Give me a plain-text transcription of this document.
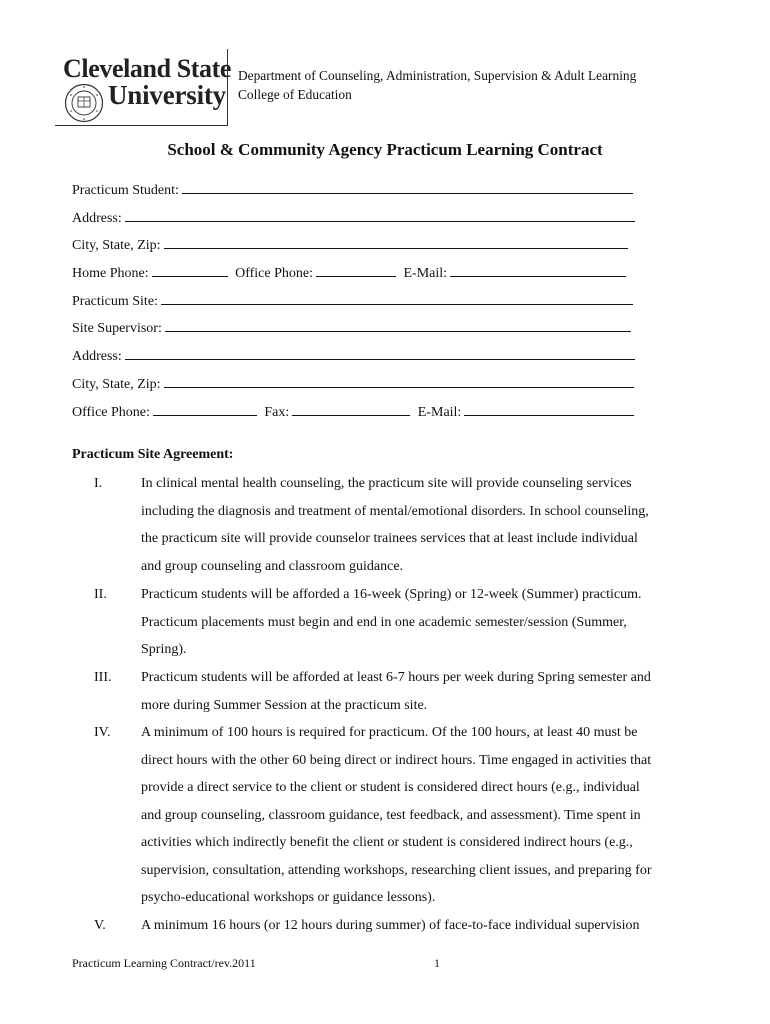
Cleveland State
University
Department of Counseling, Administration, Supervision & Adult Learning
College of Education
School & Community Agency Practicum Learning Contract
Practicum Student:
Address:
City, State, Zip:
Home Phone:	Office Phone:	E-Mail:
Practicum Site:
Site Supervisor:
Address:
City, State, Zip:
Office Phone:	Fax:	E-Mail:
Practicum Site Agreement:
I.	In clinical mental health counseling, the practicum site will provide counseling services
including the diagnosis and treatment of mental/emotional disorders. In school counseling,
the practicum site will provide counselor trainees services that at least include individual
and group counseling and classroom guidance.
II. Practicum students will be afforded a 16-week (Spring) or 12-week (Summer) practicum.
Practicum placements must begin and end in one academic semester/session (Summer,
Spring).
III. Practicum students will be afforded at least 6-7 hours per week during Spring semester and
more during Summer Session at the practicum site.
IV. A minimum of 100 hours is required for practicum. Of the 100 hours, at least 40 must be
direct hours with the other 60 being direct or indirect hours. Time engaged in activities that
provide a direct service to the client or student is considered direct hours (e.g., individual
and group counseling, classroom guidance, test feedback, and assessment). Time spent in
activities which indirectly benefit the client or student is considered indirect hours (e.g.,
supervision, consultation, attending workshops, researching client issues, and preparing for
psycho-educational workshops or guidance lessons).
V.	A minimum 16 hours (or 12 hours during summer) of face-to-face individual supervision
Practicum Learning Contract/rev.2011	1
